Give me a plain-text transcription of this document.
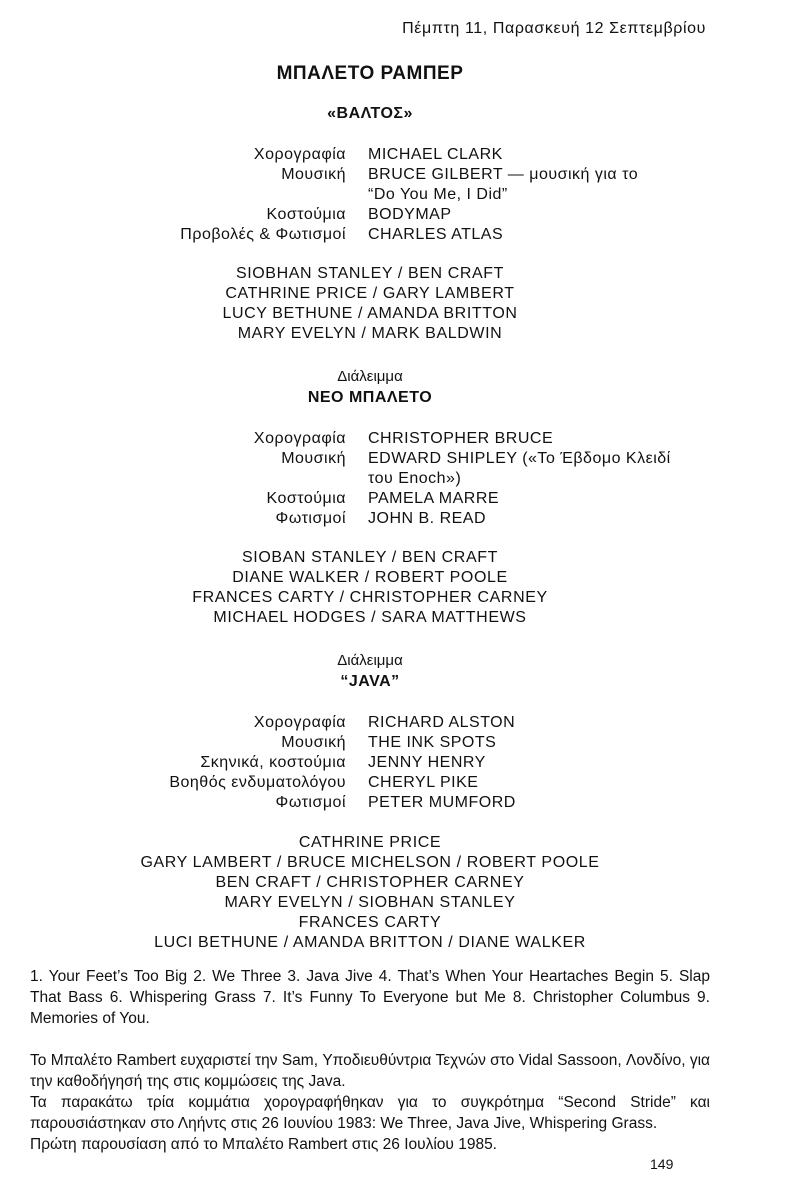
Πέμπτη 11, Παρασκευή 12 Σεπτεμβρίου
ΜΠΑΛΕΤΟ ΡΑΜΠΕΡ
«ΒΑΛΤΟΣ»
Χορογραφία MICHAEL CLARK
Μουσική BRUCE GILBERT — μουσική για το
“Do You Me, I Did”
Κοστούμια BODYMAP
Προβολές & Φωτισμοί CHARLES ATLAS
SIOBHAN STANLEY / BEN CRAFT
CATHRINE PRICE / GARY LAMBERT
LUCY BETHUNE / AMANDA BRITTON
MARY EVELYN / MARK BALDWIN
Διάλειμμα
ΝΕΟ ΜΠΑΛΕΤΟ
Χορογραφία CHRISTOPHER BRUCE
Μουσική EDWARD SHIPLEY («Το Έβδομο Κλειδί
του Enoch»)
Κοστούμια PAMELA MARRE
Φωτισμοί JOHN B. READ
SIOBAN STANLEY / BEN CRAFT
DIANE WALKER / ROBERT POOLE
FRANCES CARTY / CHRISTOPHER CARNEY
MICHAEL HODGES / SARA MATTHEWS
Διάλειμμα
“JAVA”
Χορογραφία RICHARD ALSTON
Μουσική THE INK SPOTS
Σκηνικά, κοστούμια JENNY HENRY
Βοηθός ενδυματολόγου CHERYL PIKE
Φωτισμοί PETER MUMFORD
CATHRINE PRICE
GARY LAMBERT / BRUCE MICHELSON / ROBERT POOLE
BEN CRAFT / CHRISTOPHER CARNEY
MARY EVELYN / SIOBHAN STANLEY
FRANCES CARTY
LUCI BETHUNE / AMANDA BRITTON / DIANE WALKER

1. Your Feet’s Too Big 2. We Three 3. Java Jive 4. That’s When Your Heartaches Begin 5. Slap That Bass 6. Whispering Grass 7. It’s Funny To Everyone but Me 8. Christopher Columbus 9. Memories of You.

Το Μπαλέτο Rambert ευχαριστεί την Sam, Υποδιευθύντρια Τεχνών στο Vidal Sassoon, Λονδίνο, για την καθοδήγησή της στις κομμώσεις της Java.

Τα παρακάτω τρία κομμάτια χορογραφήθηκαν για το συγκρότημα “Second Stride” και παρουσιάστηκαν στο Ληήντς στις 26 Ιουνίου 1983: We Three, Java Jive, Whispering Grass.

Πρώτη παρουσίαση από το Μπαλέτο Rambert στις 26 Ιουλίου 1985.

149
